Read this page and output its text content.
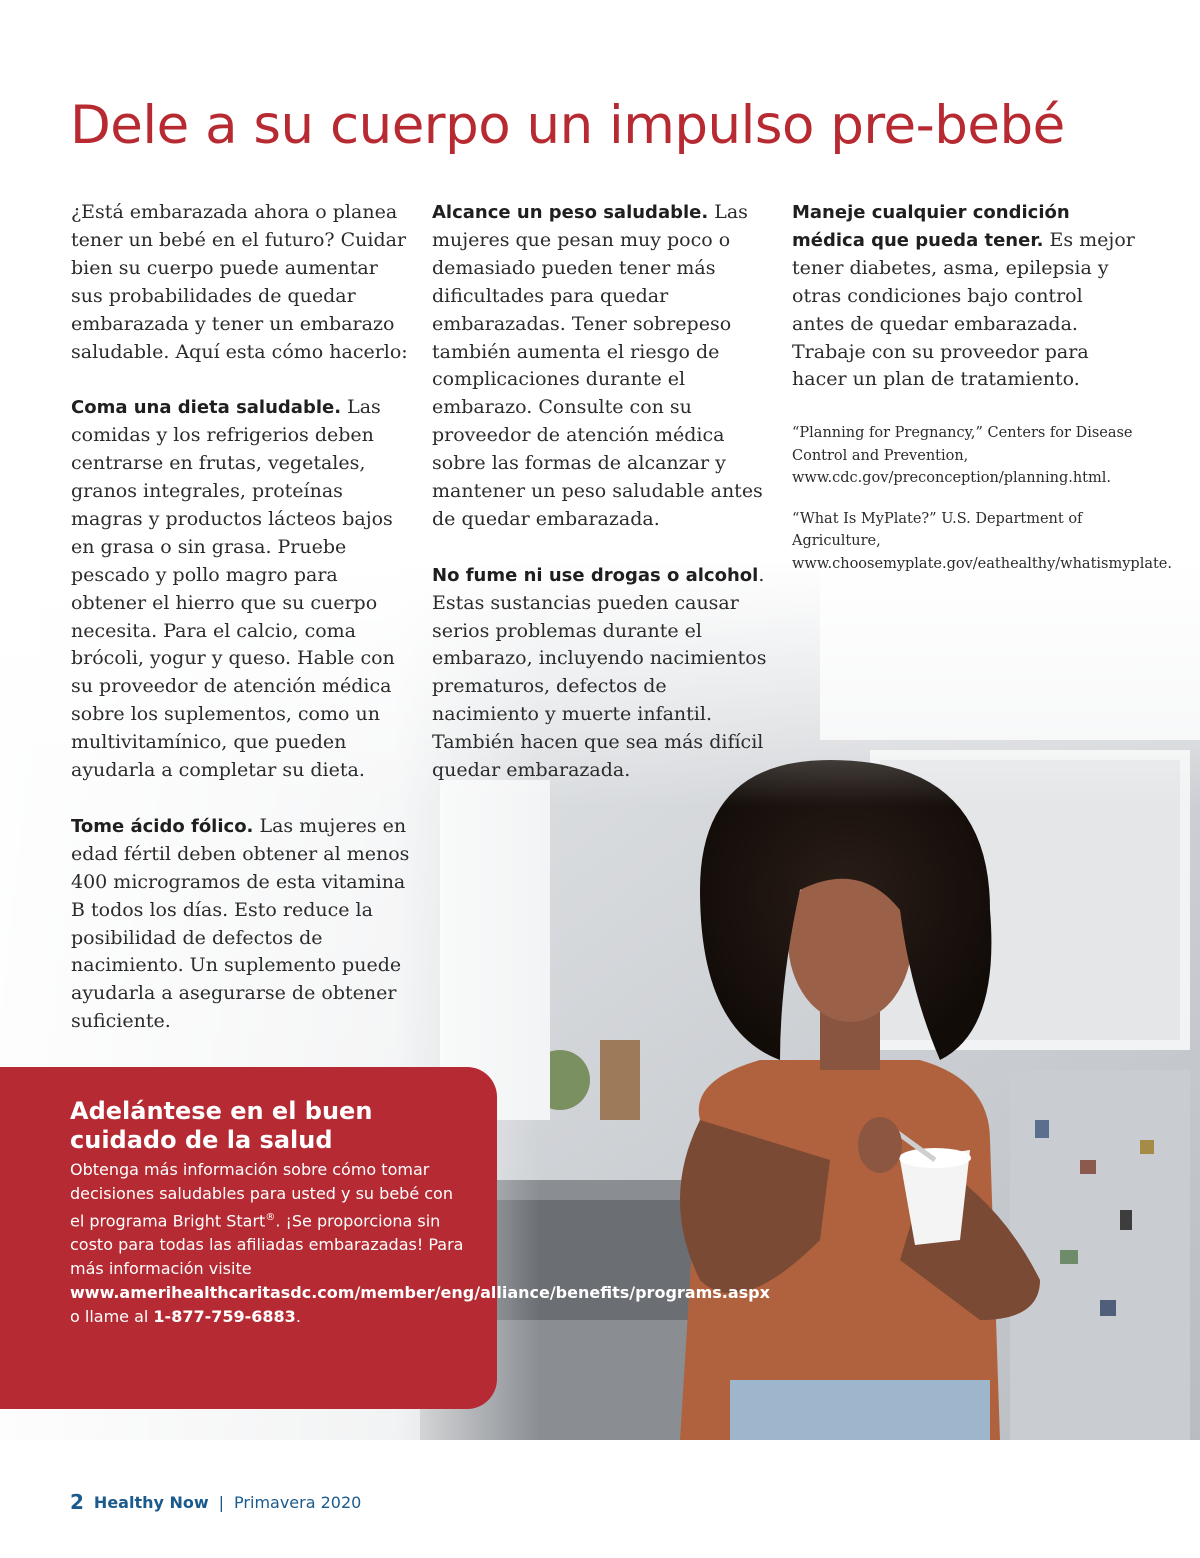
Dele a su cuerpo un impulso pre-bebé

¿Está embarazada ahora o planea tener un bebé en el futuro? Cuidar bien su cuerpo puede aumentar sus probabilidades de quedar embarazada y tener un embarazo saludable. Aquí esta cómo hacerlo:

Coma una dieta saludable. Las comidas y los refrigerios deben centrarse en frutas, vegetales, granos integrales, proteínas magras y productos lácteos bajos en grasa o sin grasa. Pruebe pescado y pollo magro para obtener el hierro que su cuerpo necesita. Para el calcio, coma brócoli, yogur y queso. Hable con su proveedor de atención médica sobre los suplementos, como un multivitamínico, que pueden ayudarla a completar su dieta.

Tome ácido fólico. Las mujeres en edad fértil deben obtener al menos 400 microgramos de esta vitamina B todos los días. Esto reduce la posibilidad de defectos de nacimiento. Un suplemento puede ayudarla a asegurarse de obtener suficiente.

Alcance un peso saludable. Las mujeres que pesan muy poco o demasiado pueden tener más dificultades para quedar embarazadas. Tener sobrepeso también aumenta el riesgo de complicaciones durante el embarazo. Consulte con su proveedor de atención médica sobre las formas de alcanzar y mantener un peso saludable antes de quedar embarazada.

No fume ni use drogas o alcohol. Estas sustancias pueden causar serios problemas durante el embarazo, incluyendo nacimientos prematuros, defectos de nacimiento y muerte infantil. También hacen que sea más difícil quedar embarazada.

Maneje cualquier condición médica que pueda tener. Es mejor tener diabetes, asma, epilepsia y otras condiciones bajo control antes de quedar embarazada. Trabaje con su proveedor para hacer un plan de tratamiento.

“Planning for Pregnancy,” Centers for Disease Control and Prevention, www.cdc.gov/preconception/planning.html.

“What Is MyPlate?” U.S. Department of Agriculture, www.choosemyplate.gov/eathealthy/whatismyplate.

Adelántese en el buen cuidado de la salud
Obtenga más información sobre cómo tomar decisiones saludables para usted y su bebé con el programa Bright Start®. ¡Se proporciona sin costo para todas las afiliadas embarazadas! Para más información visite www.amerihealthcaritasdc.com/member/eng/alliance/benefits/programs.aspx o llame al 1-877-759-6883.
2 Healthy Now | Primavera 2020
